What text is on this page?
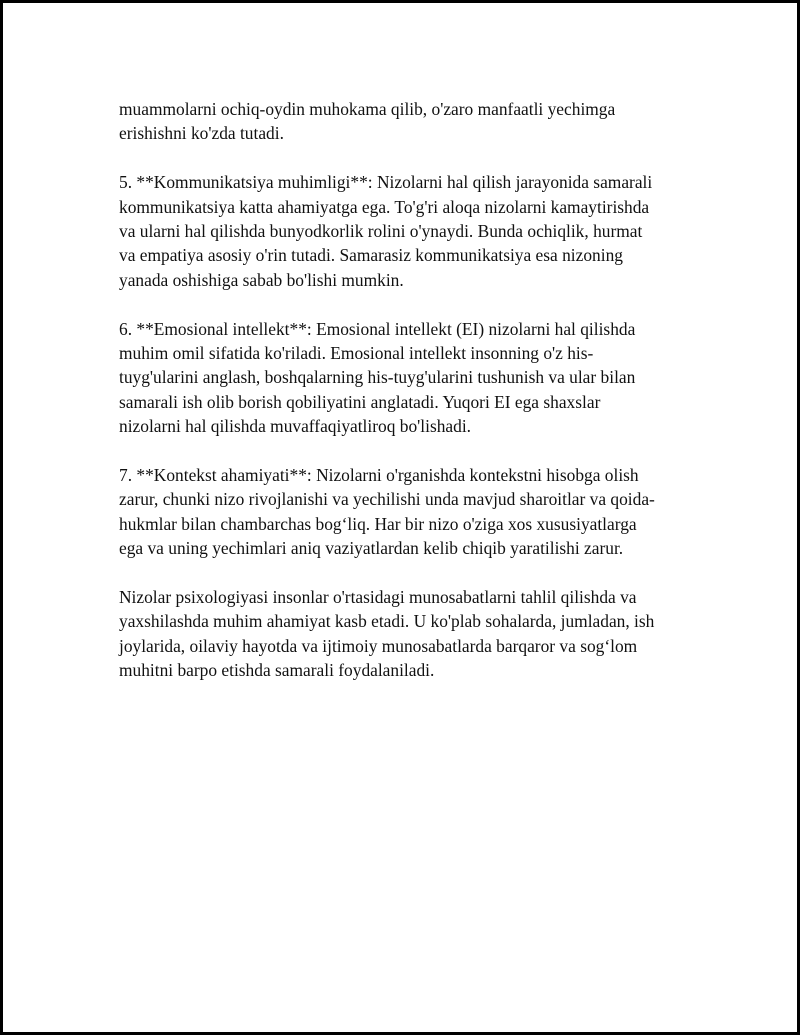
muammolarni ochiq-oydin muhokama qilib, o'zaro manfaatli yechimga
erishishni ko'zda tutadi.

5. **Kommunikatsiya muhimligi**: Nizolarni hal qilish jarayonida samarali
kommunikatsiya katta ahamiyatga ega. To'g'ri aloqa nizolarni kamaytirishda
va ularni hal qilishda bunyodkorlik rolini o'ynaydi. Bunda ochiqlik, hurmat
va empatiya asosiy o'rin tutadi. Samarasiz kommunikatsiya esa nizoning
yanada oshishiga sabab bo'lishi mumkin.

6. **Emosional intellekt**: Emosional intellekt (EI) nizolarni hal qilishda
muhim omil sifatida ko'riladi. Emosional intellekt insonning o'z his-
tuyg'ularini anglash, boshqalarning his-tuyg'ularini tushunish va ular bilan
samarali ish olib borish qobiliyatini anglatadi. Yuqori EI ega shaxslar
nizolarni hal qilishda muvaffaqiyatliroq bo'lishadi.

7. **Kontekst ahamiyati**: Nizolarni o'rganishda kontekstni hisobga olish
zarur, chunki nizo rivojlanishi va yechilishi unda mavjud sharoitlar va qoida-
hukmlar bilan chambarchas bog‘liq. Har bir nizo o'ziga xos xususiyatlarga
ega va uning yechimlari aniq vaziyatlardan kelib chiqib yaratilishi zarur.

Nizolar psixologiyasi insonlar o'rtasidagi munosabatlarni tahlil qilishda va
yaxshilashda muhim ahamiyat kasb etadi. U ko'plab sohalarda, jumladan, ish
joylarida, oilaviy hayotda va ijtimoiy munosabatlarda barqaror va sog‘lom
muhitni barpo etishda samarali foydalaniladi.
